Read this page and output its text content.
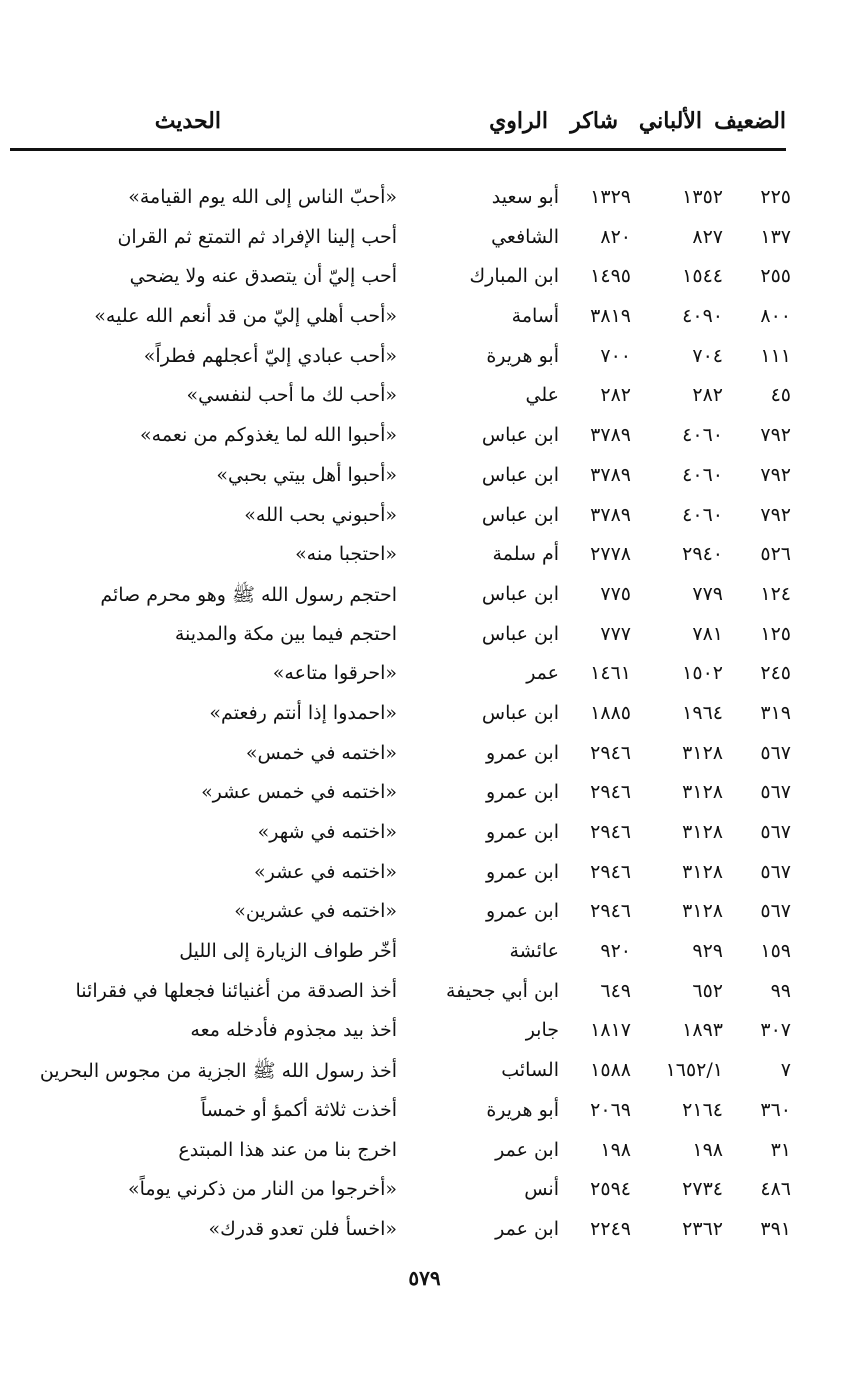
الضعيف
الألباني
شاكر
الراوي
الحديث
٢٢٥
١٣٥٢
١٣٢٩
أبو سعيد
«أحبّ الناس إلى الله يوم القيامة»
١٣٧
٨٢٧
٨٢٠
الشافعي
أحب إلينا الإفراد ثم التمتع ثم القران
٢٥٥
١٥٤٤
١٤٩٥
ابن المبارك
أحب إليّ أن يتصدق عنه ولا يضحي
٨٠٠
٤٠٩٠
٣٨١٩
أسامة
«أحب أهلي إليّ من قد أنعم الله عليه»
١١١
٧٠٤
٧٠٠
أبو هريرة
«أحب عبادي إليّ أعجلهم فطراً»
٤٥
٢٨٢
٢٨٢
علي
«أحب لك ما أحب لنفسي»
٧٩٢
٤٠٦٠
٣٧٨٩
ابن عباس
«أحبوا الله لما يغذوكم من نعمه»
٧٩٢
٤٠٦٠
٣٧٨٩
ابن عباس
«أحبوا أهل بيتي بحبي»
٧٩٢
٤٠٦٠
٣٧٨٩
ابن عباس
«أحبوني بحب الله»
٥٢٦
٢٩٤٠
٢٧٧٨
أم سلمة
«احتجبا منه»
١٢٤
٧٧٩
٧٧٥
ابن عباس
احتجم رسول الله ﷺ وهو محرم صائم
١٢٥
٧٨١
٧٧٧
ابن عباس
احتجم فيما بين مكة والمدينة
٢٤٥
١٥٠٢
١٤٦١
عمر
«احرقوا متاعه»
٣١٩
١٩٦٤
١٨٨٥
ابن عباس
«احمدوا إذا أنتم رفعتم»
٥٦٧
٣١٢٨
٢٩٤٦
ابن عمرو
«اختمه في خمس»
٥٦٧
٣١٢٨
٢٩٤٦
ابن عمرو
«اختمه في خمس عشر»
٥٦٧
٣١٢٨
٢٩٤٦
ابن عمرو
«اختمه في شهر»
٥٦٧
٣١٢٨
٢٩٤٦
ابن عمرو
«اختمه في عشر»
٥٦٧
٣١٢٨
٢٩٤٦
ابن عمرو
«اختمه في عشرين»
١٥٩
٩٢٩
٩٢٠
عائشة
أخّر طواف الزيارة إلى الليل
٩٩
٦٥٢
٦٤٩
ابن أبي جحيفة
أخذ الصدقة من أغنيائنا فجعلها في فقرائنا
٣٠٧
١٨٩٣
١٨١٧
جابر
أخذ بيد مجذوم فأدخله معه
٧
١٦٥٢/١
١٥٨٨
السائب
أخذ رسول الله ﷺ الجزية من مجوس البحرين
٣٦٠
٢١٦٤
٢٠٦٩
أبو هريرة
أخذت ثلاثة أكمؤ أو خمساً
٣١
١٩٨
١٩٨
ابن عمر
اخرج بنا من عند هذا المبتدع
٤٨٦
٢٧٣٤
٢٥٩٤
أنس
«أخرجوا من النار من ذكرني يوماً»
٣٩١
٢٣٦٢
٢٢٤٩
ابن عمر
«اخسأ فلن تعدو قدرك»
٥٧٩
